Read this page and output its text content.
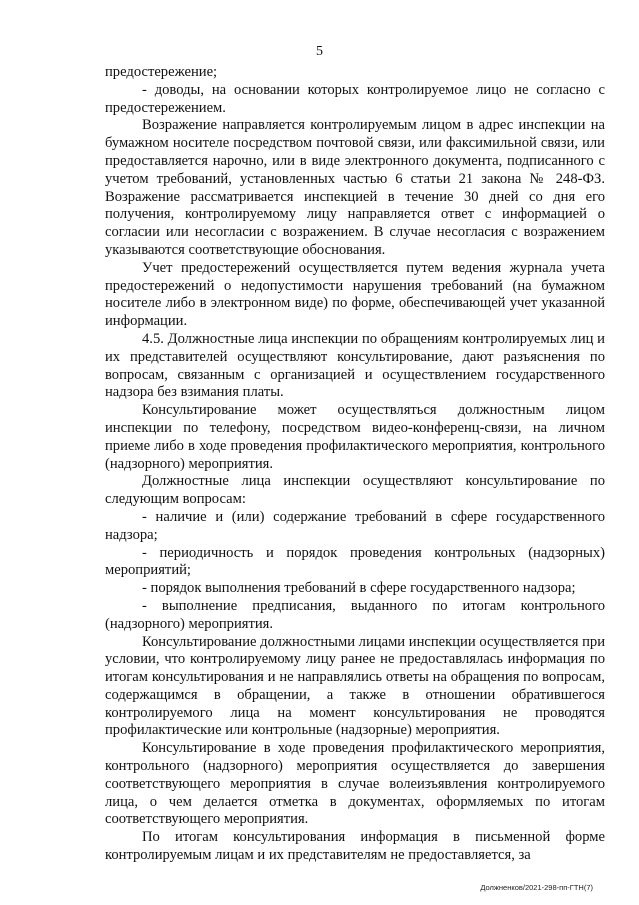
5

предостережение;

- доводы, на основании которых контролируемое лицо не согласно с предостережением.

Возражение направляется контролируемым лицом в адрес инспекции на бумажном носителе посредством почтовой связи, или факсимильной связи, или предоставляется нарочно, или в виде электронного документа, подписанного с учетом требований, установленных частью 6 статьи 21 закона № 248-ФЗ. Возражение рассматривается инспекцией в течение 30 дней со дня его получения, контролируемому лицу направляется ответ с информацией о согласии или несогласии с возражением. В случае несогласия с возражением указываются соответствующие обоснования.

Учет предостережений осуществляется путем ведения журнала учета предостережений о недопустимости нарушения требований (на бумажном носителе либо в электронном виде) по форме, обеспечивающей учет указанной информации.

4.5. Должностные лица инспекции по обращениям контролируемых лиц и их представителей осуществляют консультирование, дают разъяснения по вопросам, связанным с организацией и осуществлением государственного надзора без взимания платы.

Консультирование может осуществляться должностным лицом инспекции по телефону, посредством видео-конференц-связи, на личном приеме либо в ходе проведения профилактического мероприятия, контрольного (надзорного) мероприятия.

Должностные лица инспекции осуществляют консультирование по следующим вопросам:

- наличие и (или) содержание требований в сфере государственного надзора;

- периодичность и порядок проведения контрольных (надзорных) мероприятий;

- порядок выполнения требований в сфере государственного надзора;

- выполнение предписания, выданного по итогам контрольного (надзорного) мероприятия.

Консультирование должностными лицами инспекции осуществляется при условии, что контролируемому лицу ранее не предоставлялась информация по итогам консультирования и не направлялись ответы на обращения по вопросам, содержащимся в обращении, а также в отношении обратившегося контролируемого лица на момент консультирования не проводятся профилактические или контрольные (надзорные) мероприятия.

Консультирование в ходе проведения профилактического мероприятия, контрольного (надзорного) мероприятия осуществляется до завершения соответствующего мероприятия в случае волеизъявления контролируемого лица, о чем делается отметка в документах, оформляемых по итогам соответствующего мероприятия.

По итогам консультирования информация в письменной форме контролируемым лицам и их представителям не предоставляется, за

Должненков/2021-298-пп-ГТН(7)
